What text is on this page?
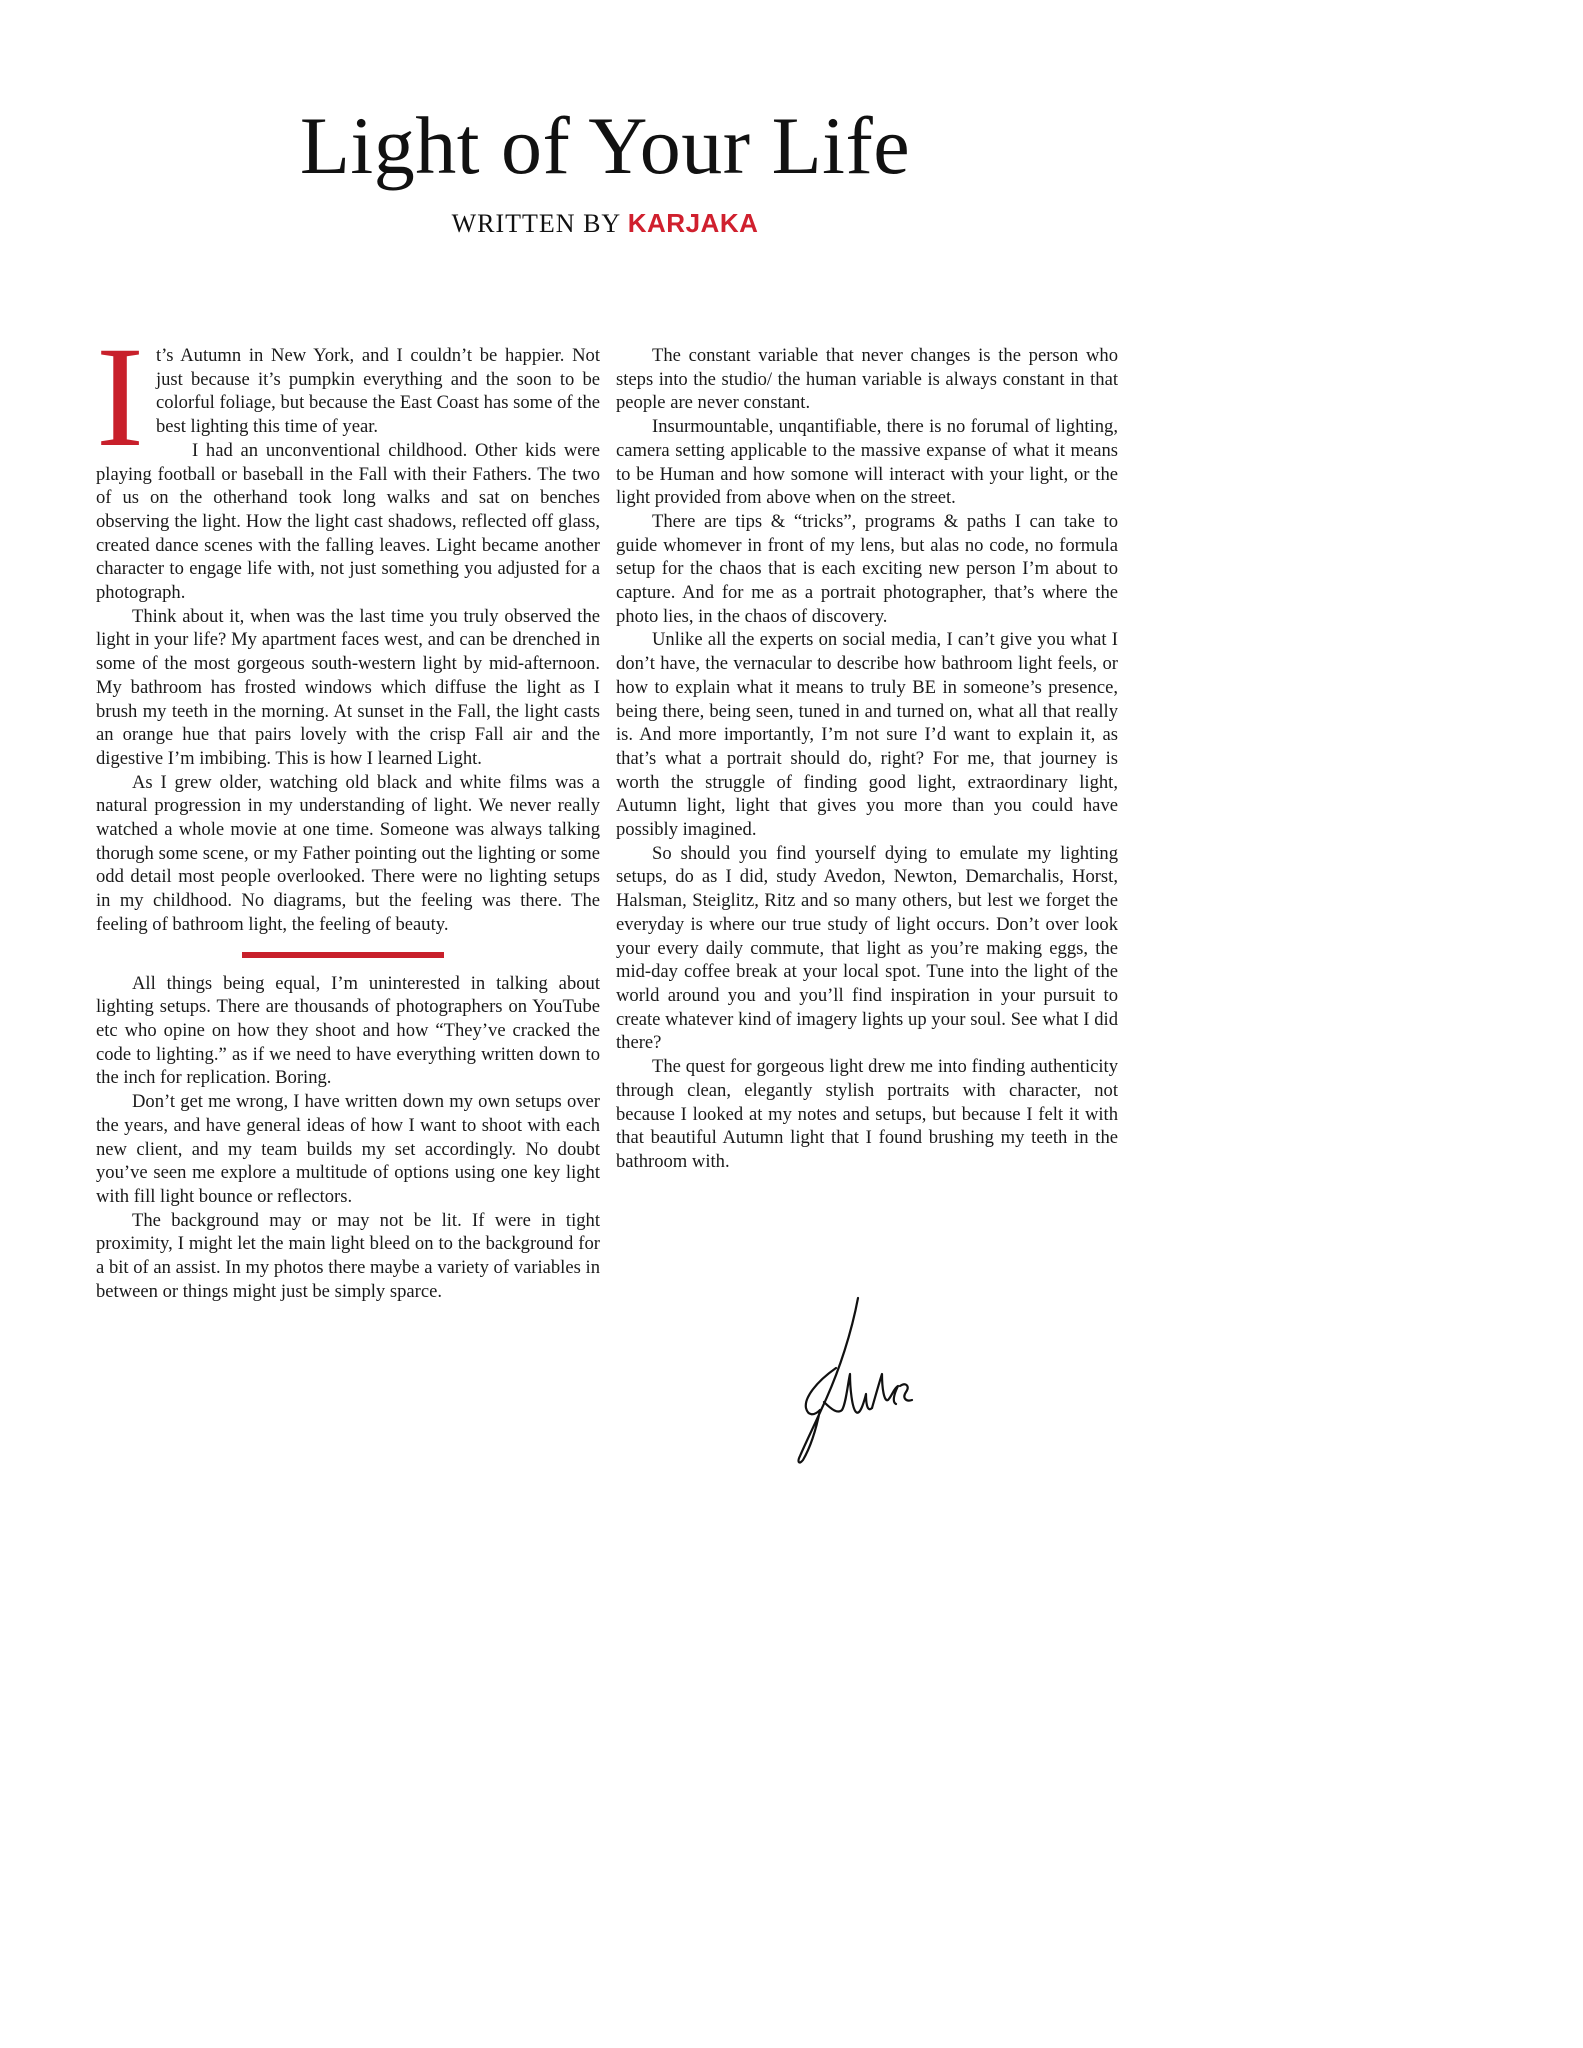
Light of Your Life
WRITTEN BY KARJAKA
I t’s Autumn in New York, and I couldn’t be happier. Not just because it’s pumpkin everything and the soon to be colorful foliage, but because the East Coast has some of the best lighting this time of year.

I had an unconventional childhood. Other kids were playing football or baseball in the Fall with their Fathers. The two of us on the otherhand took long walks and sat on benches observing the light. How the light cast shadows, reflected off glass, created dance scenes with the falling leaves. Light became another character to engage life with, not just something you adjusted for a photograph.

Think about it, when was the last time you truly observed the light in your life? My apartment faces west, and can be drenched in some of the most gorgeous south-western light by mid-afternoon. My bathroom has frosted windows which diffuse the light as I brush my teeth in the morning. At sunset in the Fall, the light casts an orange hue that pairs lovely with the crisp Fall air and the digestive I’m imbibing. This is how I learned Light.

As I grew older, watching old black and white films was a natural progression in my understanding of light. We never really watched a whole movie at one time. Someone was always talking thorugh some scene, or my Father pointing out the lighting or some odd detail most people overlooked. There were no lighting setups in my childhood. No diagrams, but the feeling was there. The feeling of bathroom light, the feeling of beauty.

All things being equal, I’m uninterested in talking about lighting setups. There are thousands of photographers on YouTube etc who opine on how they shoot and how “They’ve cracked the code to lighting.” as if we need to have everything written down to the inch for replication. Boring.

Don’t get me wrong, I have written down my own setups over the years, and have general ideas of how I want to shoot with each new client, and my team builds my set accordingly. No doubt you’ve seen me explore a multitude of options using one key light with fill light bounce or reflectors.

The background may or may not be lit. If were in tight proximity, I might let the main light bleed on to the background for a bit of an assist. In my photos there maybe a variety of variables in between or things might just be simply sparce.

The constant variable that never changes is the person who steps into the studio/ the human variable is always constant in that people are never constant.

Insurmountable, unqantifiable, there is no forumal of lighting, camera setting applicable to the massive expanse of what it means to be Human and how somone will interact with your light, or the light provided from above when on the street.

There are tips & “tricks”, programs & paths I can take to guide whomever in front of my lens, but alas no code, no formula setup for the chaos that is each exciting new person I’m about to capture. And for me as a portrait photographer, that’s where the photo lies, in the chaos of discovery.

Unlike all the experts on social media, I can’t give you what I don’t have, the vernacular to describe how bathroom light feels, or how to explain what it means to truly BE in someone’s presence, being there, being seen, tuned in and turned on, what all that really is. And more importantly, I’m not sure I’d want to explain it, as that’s what a portrait should do, right? For me, that journey is worth the struggle of finding good light, extraordinary light, Autumn light, light that gives you more than you could have possibly imagined.

So should you find yourself dying to emulate my lighting setups, do as I did, study Avedon, Newton, Demarchalis, Horst, Halsman, Steiglitz, Ritz and so many others, but lest we forget the everyday is where our true study of light occurs. Don’t over look your every daily commute, that light as you’re making eggs, the mid-day coffee break at your local spot. Tune into the light of the world around you and you’ll find inspiration in your pursuit to create whatever kind of imagery lights up your soul. See what I did there?

The quest for gorgeous light drew me into finding authenticity through clean, elegantly stylish portraits with character, not because I looked at my notes and setups, but because I felt it with that beautiful Autumn light that I found brushing my teeth in the bathroom with.
